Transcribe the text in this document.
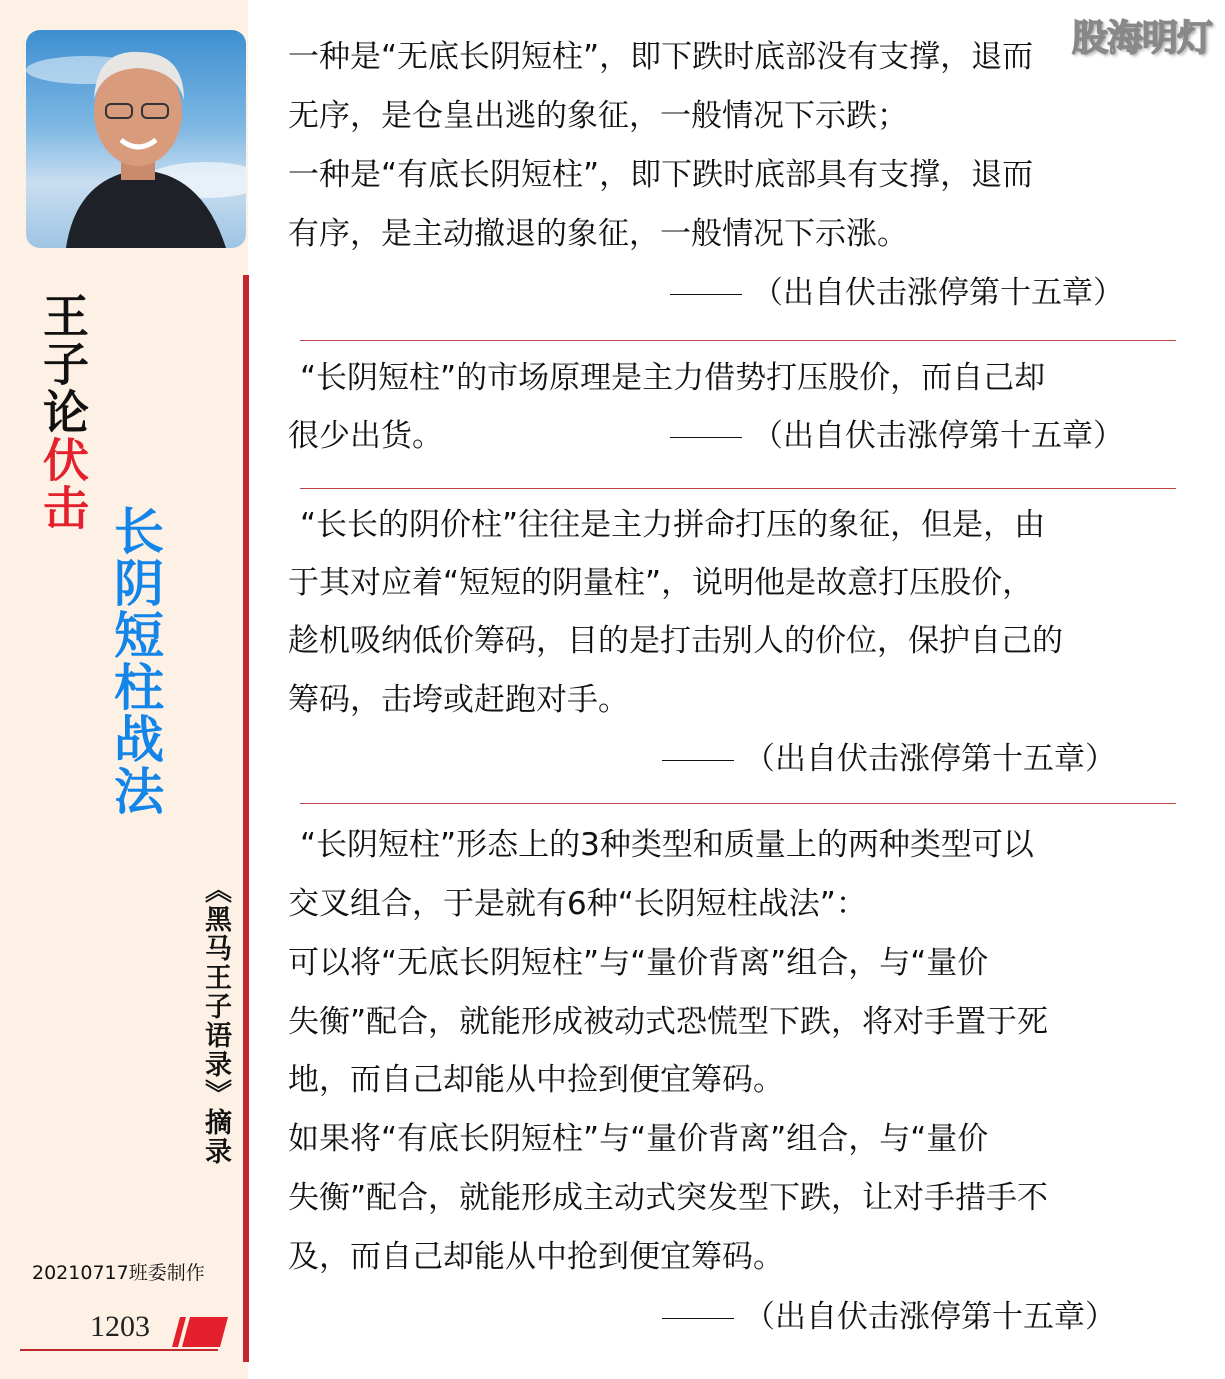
王子论伏击
长阴短柱战法
《黑马王子语录》摘录
20210717班委制作
1203
一种是“无底长阴短柱”，即下跌时底部没有支撑，退而
无序，是仓皇出逃的象征，一般情况下示跌；
一种是“有底长阴短柱”，即下跌时底部具有支撑，退而
有序，是主动撤退的象征，一般情况下示涨。
（出自伏击涨停第十五章）
“长阴短柱”的市场原理是主力借势打压股价，而自己却
很少出货。	（出自伏击涨停第十五章）
“长长的阴价柱”往往是主力拼命打压的象征，但是，由
于其对应着“短短的阴量柱”，说明他是故意打压股价，
趁机吸纳低价筹码，目的是打击别人的价位，保护自己的
筹码，击垮或赶跑对手。
（出自伏击涨停第十五章）
“长阴短柱”形态上的3种类型和质量上的两种类型可以
交叉组合，于是就有6种“长阴短柱战法”：
可以将“无底长阴短柱”与“量价背离”组合，与“量价
失衡”配合，就能形成被动式恐慌型下跌，将对手置于死
地，而自己却能从中捡到便宜筹码。
如果将“有底长阴短柱”与“量价背离”组合，与“量价
失衡”配合，就能形成主动式突发型下跌，让对手措手不
及，而自己却能从中抢到便宜筹码。
（出自伏击涨停第十五章）
股海明灯
